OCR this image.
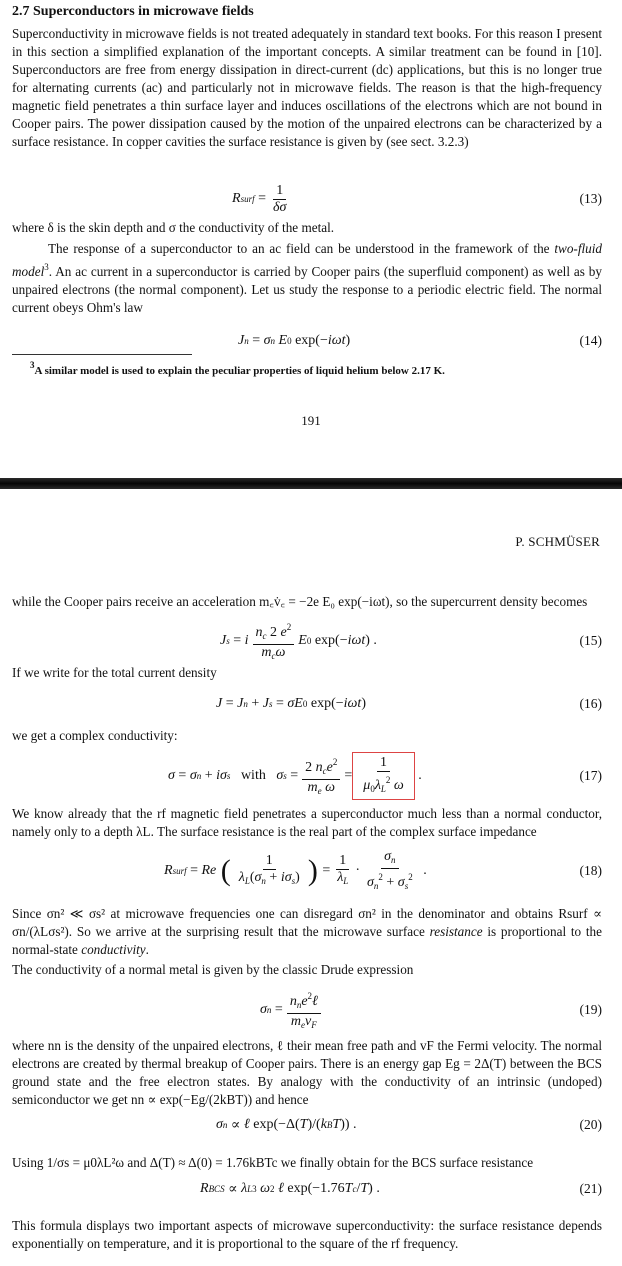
2.7 Superconductors in microwave fields

Superconductivity in microwave fields is not treated adequately in standard text books. For this reason I present in this section a simplified explanation of the important concepts. A similar treatment can be found in [10]. Superconductors are free from energy dissipation in direct-current (dc) applications, but this is no longer true for alternating currents (ac) and particularly not in microwave fields. The reason is that the high-frequency magnetic field penetrates a thin surface layer and induces oscillations of the electrons which are not bound in Cooper pairs. The power dissipation caused by the motion of the unpaired electrons can be characterized by a surface resistance. In copper cavities the surface resistance is given by (see sect. 3.2.3)

R surf = $\frac{1}{\delta\sigma}$	(13)

where δ is the skin depth and σ the conductivity of the metal.

The response of a superconductor to an ac field can be understood in the framework of the two-fluid model$^3$. An ac current in a superconductor is carried by Cooper pairs (the superfluid component) as well as by unpaired electrons (the normal component). Let us study the response to a periodic electric field. The normal current obeys Ohm's law

J n = σ n
E 0 exp(− iωt )	(14)

$^3$A similar model is used to explain the peculiar properties of liquid helium below 2.17 K.

191
P. SCHMÜSER

while the Cooper pairs receive an acceleration m꜀v̇꜀ = −2e E₀ exp(−iωt), so the supercurrent density becomes

J s = i $\frac{n_c 2 e^2}{m_c\omega}$ E 0 exp(− iωt ) .	(15)

If we write for the total current density

J = J n + J s = σE 0 exp(− iωt )	(16)

we get a complex conductivity:

σ = σ n + iσ s
with
σ $s = \frac{2 n_ce^2}{m_e \omega} = \frac{1}{\mu_0\lambda_L^2 \omega}$ .	(17)

We know already that the rf magnetic field penetrates a superconductor much less than a normal conductor, namely only to a depth λL. The surface resistance is the real part of the complex surface impedance

R surf = Re
( $\frac{1}{\lambda_L(\sigma_n + i\sigma_s)}$ ) = $\frac{1}{\lambda_L} \cdot \frac{\sigma_n}{\sigma_n^2 + \sigma_s^2}$ .	(18)

Since σn² ≪ σs² at microwave frequencies one can disregard σn² in the denominator and obtains Rsurf ∝ σn/(λLσs²). So we arrive at the surprising result that the microwave surface resistance is proportional to the normal-state conductivity.

The conductivity of a normal metal is given by the classic Drude expression

σ $n = \frac{n_ne^2\ell}{m_ev_F}$	(19)

where nn is the density of the unpaired electrons, ℓ their mean free path and vF the Fermi velocity. The normal electrons are created by thermal breakup of Cooper pairs. There is an energy gap Eg = 2Δ(T) between the BCS ground state and the free electron states. By analogy with the conductivity of an intrinsic (undoped) semiconductor we get nn ∝ exp(−Eg/(2kBT)) and hence

σ n ∝ ℓ exp(−Δ( T )/( k B T )) .	(20)

Using 1/σs = μ0λL²ω and Δ(T) ≈ Δ(0) = 1.76kBTc we finally obtain for the BCS surface resistance

R BCS ∝ λ L 3
ω 2
ℓ exp(−1.76 T c / T ) .	(21)

This formula displays two important aspects of microwave superconductivity: the surface resistance depends exponentially on temperature, and it is proportional to the square of the rf frequency.
